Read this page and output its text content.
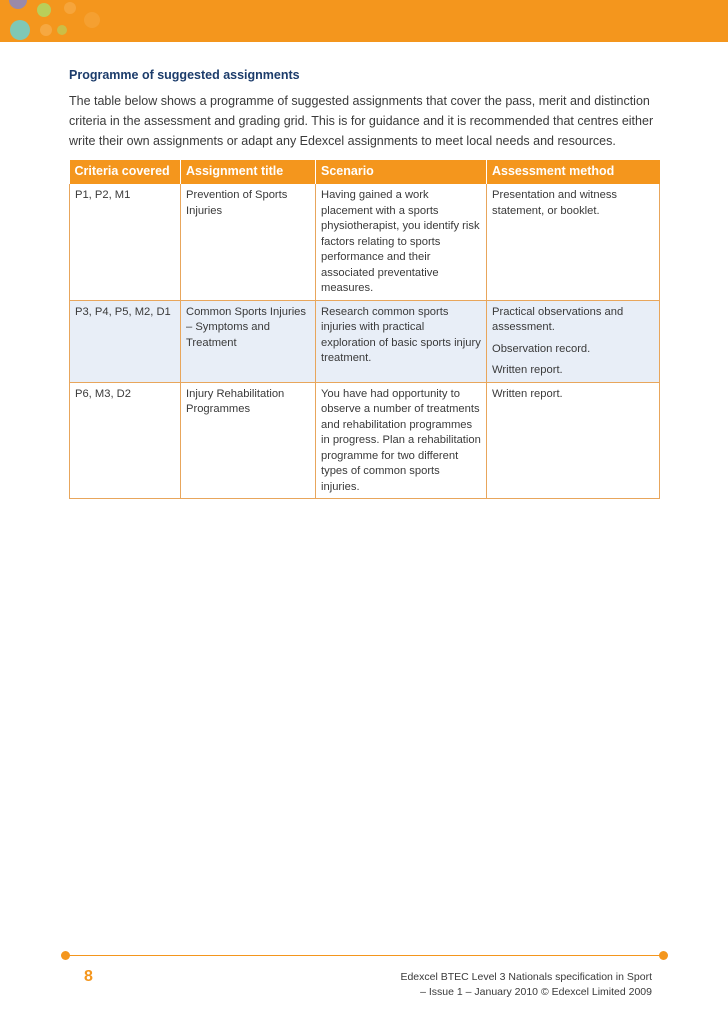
Programme of suggested assignments

The table below shows a programme of suggested assignments that cover the pass, merit and distinction criteria in the assessment and grading grid. This is for guidance and it is recommended that centres either write their own assignments or adapt any Edexcel assignments to meet local needs and resources.

Criteria covered	Assignment title	Scenario	Assessment method
P1, P2, M1	Prevention of Sports Injuries	Having gained a work placement with a sports physiotherapist, you identify risk factors relating to sports performance and their associated preventative measures.	Presentation and witness statement, or booklet.

P3, P4, P5, M2, D1	Common Sports Injuries – Symptoms and Treatment	Research common sports injuries with practical exploration of basic sports injury treatment.	Practical observations and assessment.

Observation record.

Written report.

P6, M3, D2	Injury Rehabilitation Programmes	You have had opportunity to observe a number of treatments and rehabilitation programmes in progress. Plan a rehabilitation programme for two different types of common sports injuries.	Written report.

8	Edexcel BTEC Level 3 Nationals specification in Sport
– Issue 1 – January 2010 © Edexcel Limited 2009
